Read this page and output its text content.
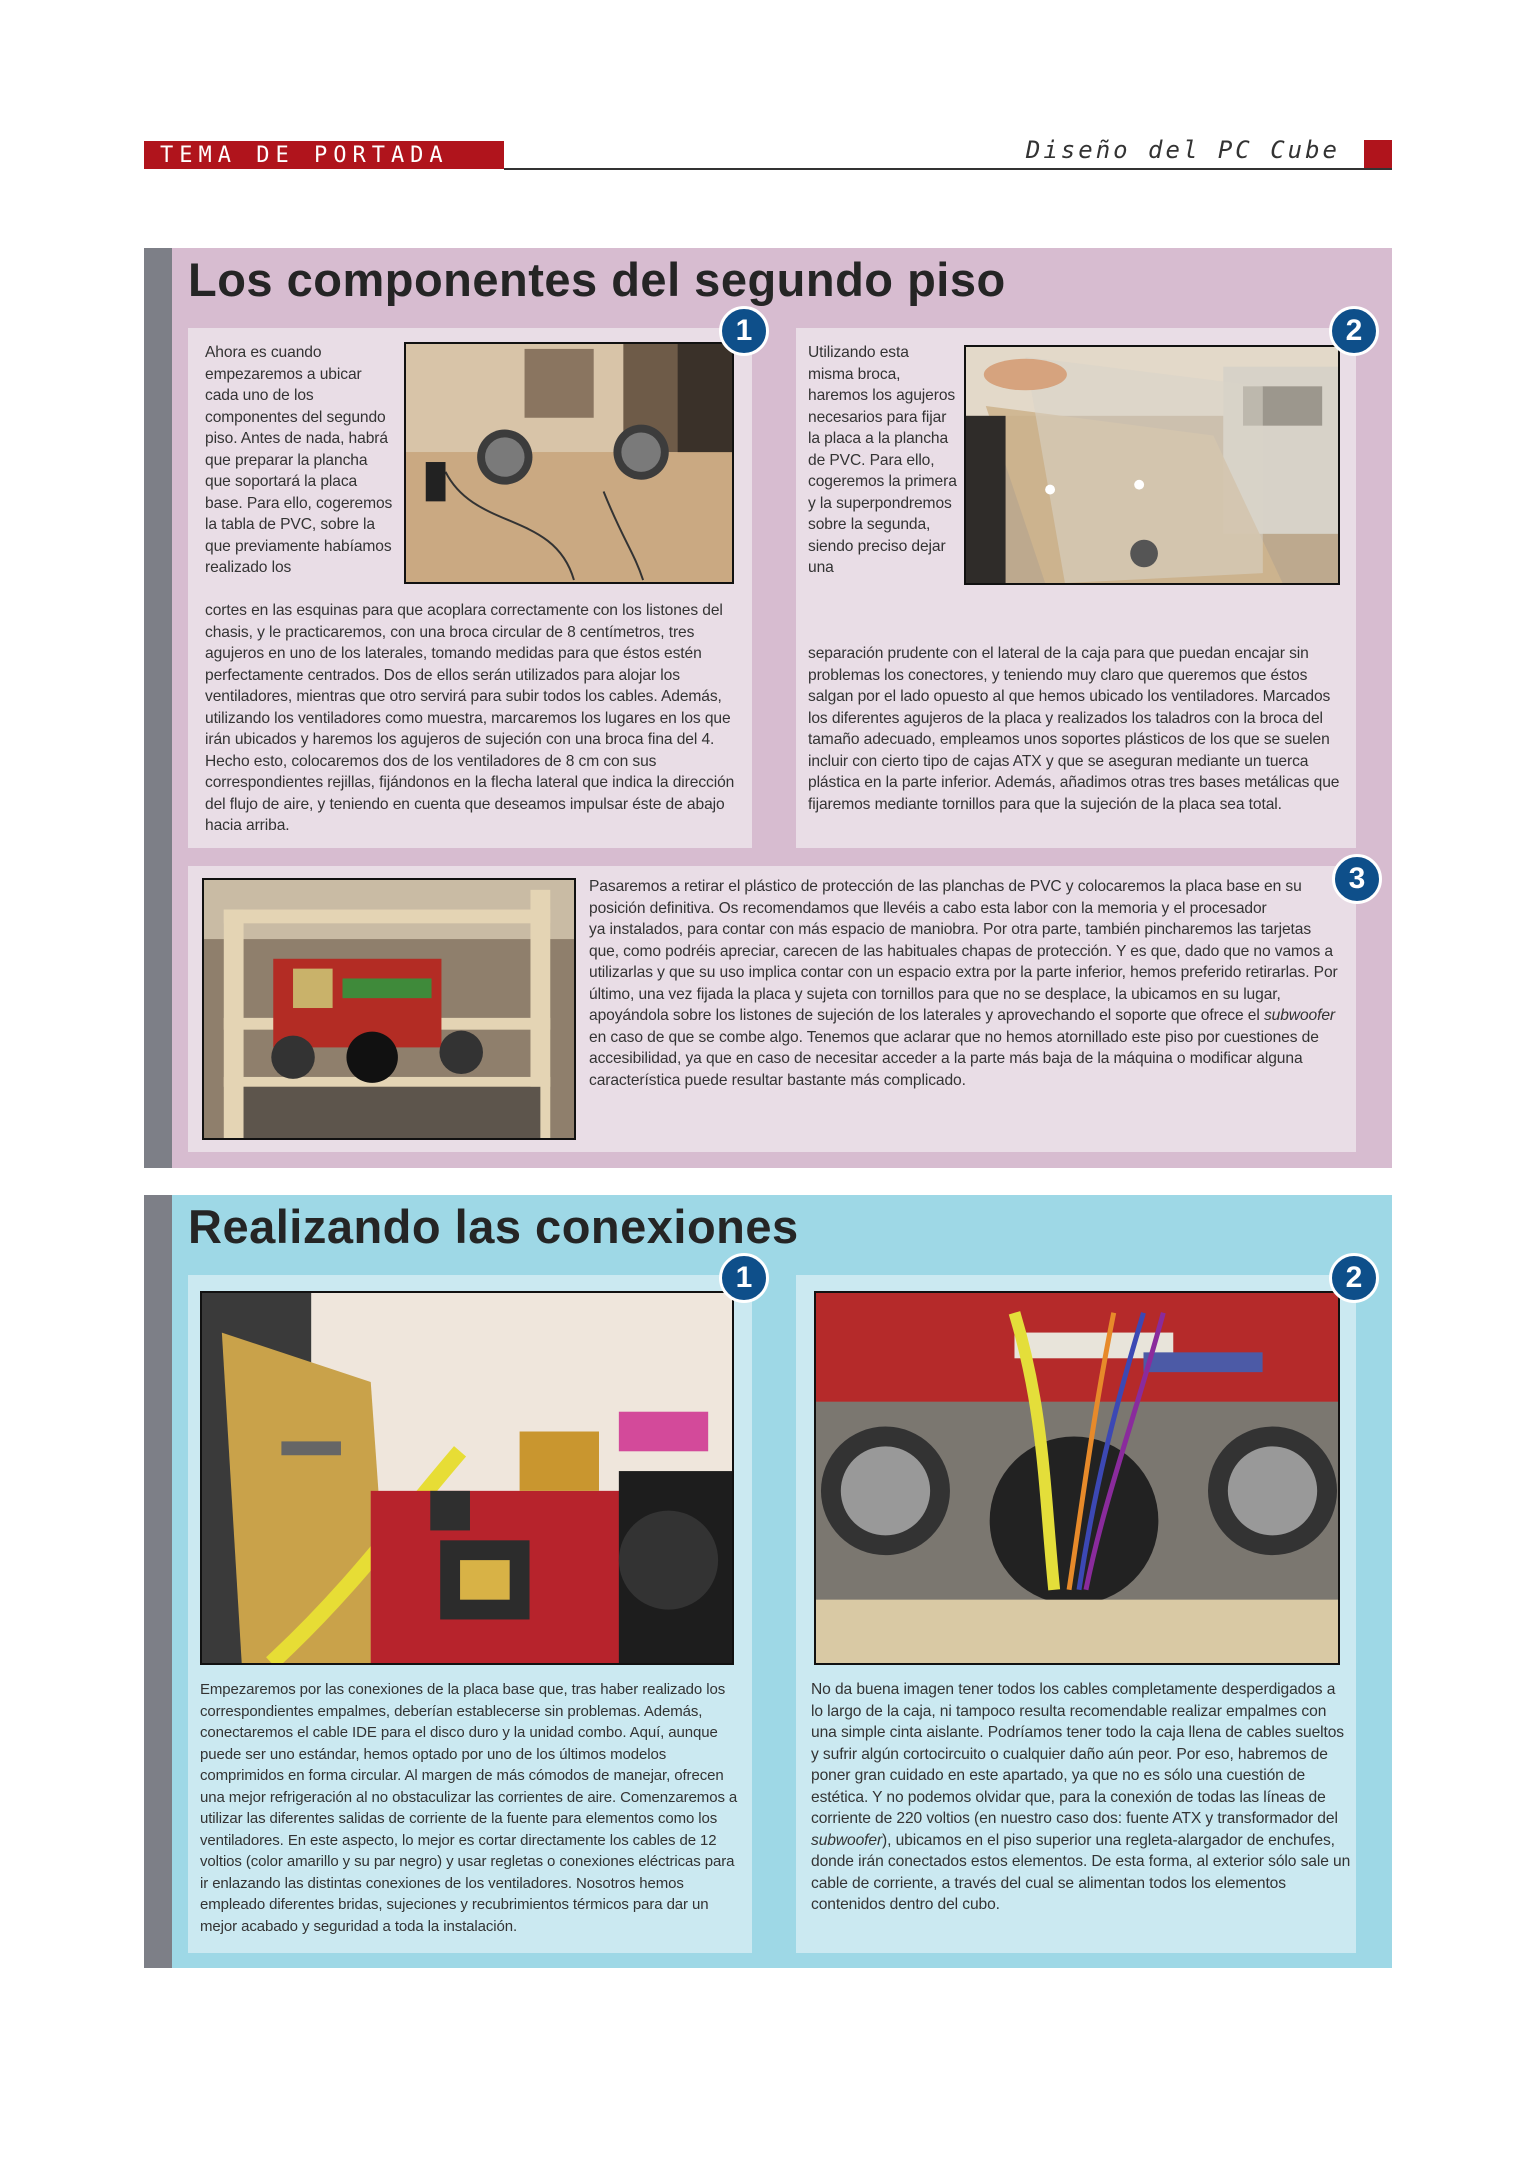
TEMA DE PORTADA	Diseño del PC Cube
Los componentes del segundo piso
Ahora es cuando empezaremos a ubicar cada uno de los componentes del segundo piso. Antes de nada, habrá que preparar la plancha que soportará la placa base. Para ello, cogeremos la tabla de PVC, sobre la que previamente habíamos realizado los
cortes en las esquinas para que acoplara correctamente con los listones del chasis, y le practicaremos, con una broca circular de 8 centímetros, tres agujeros en uno de los laterales, tomando medidas para que éstos estén perfectamente centrados. Dos de ellos serán utilizados para alojar los ventiladores, mientras que otro servirá para subir todos los cables. Además, utilizando los ventiladores como muestra, marcaremos los lugares en los que irán ubicados y haremos los agujeros de sujeción con una broca fina del 4. Hecho esto, colocaremos dos de los ventiladores de 8 cm con sus correspondientes rejillas, fijándonos en la flecha lateral que indica la dirección del flujo de aire, y teniendo en cuenta que deseamos impulsar éste de abajo hacia arriba.
1
Utilizando esta misma broca, haremos los agujeros necesarios para fijar la placa a la plancha de PVC. Para ello, cogeremos la primera y la superpondremos sobre la segunda, siendo preciso dejar una
separación prudente con el lateral de la caja para que puedan encajar sin problemas los conectores, y teniendo muy claro que queremos que éstos salgan por el lado opuesto al que hemos ubicado los ventiladores. Marcados los diferentes agujeros de la placa y realizados los taladros con la broca del tamaño adecuado, empleamos unos soportes plásticos de los que se suelen incluir con cierto tipo de cajas ATX y que se aseguran mediante un tuerca plástica en la parte inferior. Además, añadimos otras tres bases metálicas que fijaremos mediante tornillos para que la sujeción de la placa sea total.
2
Pasaremos a retirar el plástico de protección de las planchas de PVC y colocaremos la placa base en su posición definitiva. Os recomendamos que llevéis a cabo esta labor con la memoria y el procesador
ya instalados, para contar con más espacio de maniobra. Por otra parte, también pincharemos las tarjetas que, como podréis apreciar, carecen de las habituales chapas de protección. Y es que, dado que no vamos a utilizarlas y que su uso implica contar con un espacio extra por la parte inferior, hemos preferido retirarlas. Por último, una vez fijada la placa y sujeta con tornillos para que no se desplace, la ubicamos en su lugar, apoyándola sobre los listones de sujeción de los laterales y aprovechando el soporte que ofrece el subwoofer en caso de que se combe algo. Tenemos que aclarar que no hemos atornillado este piso por cuestiones de accesibilidad, ya que en caso de necesitar acceder a la parte más baja de la máquina o modificar alguna característica puede resultar bastante más complicado.
3
Realizando las conexiones
Empezaremos por las conexiones de la placa base que, tras haber realizado los correspondientes empalmes, deberían establecerse sin problemas. Además, conectaremos el cable IDE para el disco duro y la unidad combo. Aquí, aunque puede ser uno estándar, hemos optado por uno de los últimos modelos comprimidos en forma circular. Al margen de más cómodos de manejar, ofrecen una mejor refrigeración al no obstaculizar las corrientes de aire. Comenzaremos a utilizar las diferentes salidas de corriente de la fuente para elementos como los ventiladores. En este aspecto, lo mejor es cortar directamente los cables de 12 voltios (color amarillo y su par negro) y usar regletas o conexiones eléctricas para ir enlazando las distintas conexiones de los ventiladores. Nosotros hemos empleado diferentes bridas, sujeciones y recubrimientos térmicos para dar un mejor acabado y seguridad a toda la instalación.
1
No da buena imagen tener todos los cables completamente desperdigados a lo largo de la caja, ni tampoco resulta recomendable realizar empalmes con una simple cinta aislante. Podríamos tener todo la caja llena de cables sueltos y sufrir algún cortocircuito o cualquier daño aún peor. Por eso, habremos de poner gran cuidado en este apartado, ya que no es sólo una cuestión de estética. Y no podemos olvidar que, para la conexión de todas las líneas de corriente de 220 voltios (en nuestro caso dos: fuente ATX y transformador del subwoofer), ubicamos en el piso superior una regleta-alargador de enchufes, donde irán conectados estos elementos. De esta forma, al exterior sólo sale un cable de corriente, a través del cual se alimentan todos los elementos contenidos dentro del cubo.
2
